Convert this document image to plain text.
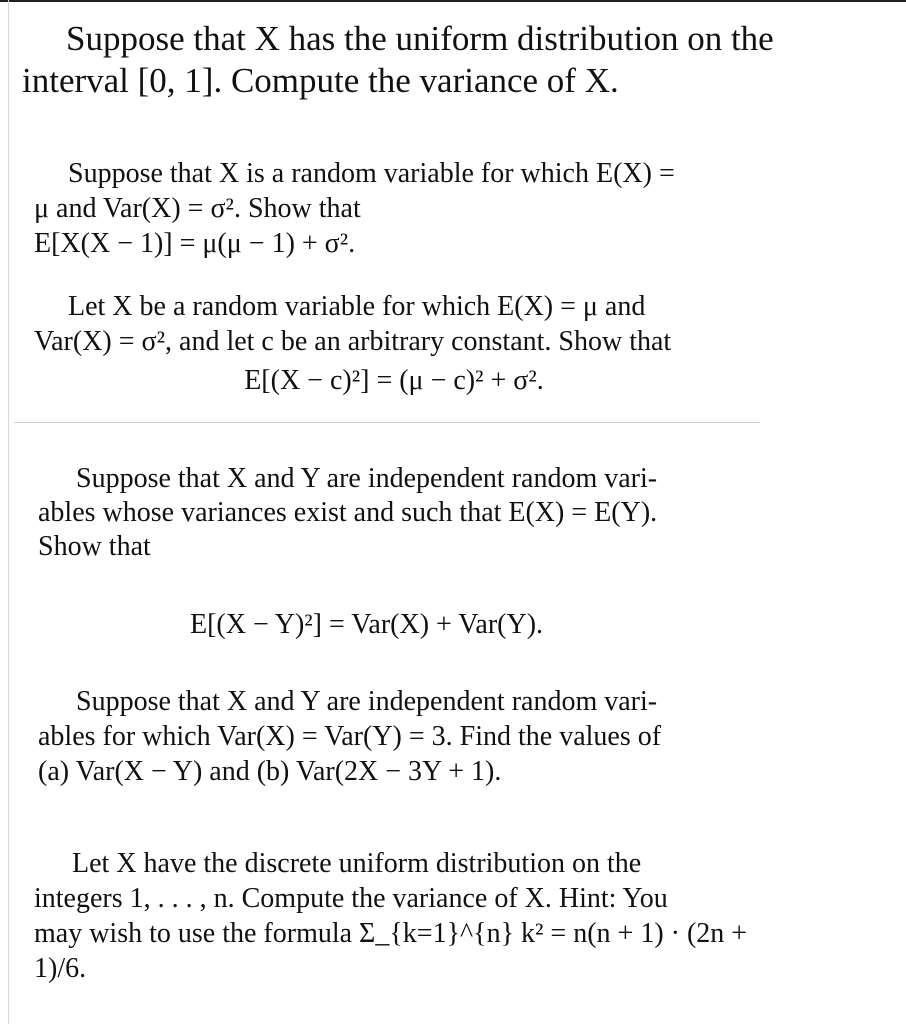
Suppose that X has the uniform distribution on the
interval [0, 1]. Compute the variance of X.
Suppose that X is a random variable for which E(X) =
μ and Var(X) = σ². Show that
E[X(X − 1)] = μ(μ − 1) + σ².
Let X be a random variable for which E(X) = μ and
Var(X) = σ², and let c be an arbitrary constant. Show that
E[(X − c)²] = (μ − c)² + σ².
Suppose that X and Y are independent random vari-
ables whose variances exist and such that E(X) = E(Y).
Show that
E[(X − Y)²] = Var(X) + Var(Y).
Suppose that X and Y are independent random vari-
ables for which Var(X) = Var(Y) = 3. Find the values of
(a) Var(X − Y) and (b) Var(2X − 3Y + 1).
Let X have the discrete uniform distribution on the
integers 1, . . . , n. Compute the variance of X. Hint: You
may wish to use the formula Σ_{k=1}^{n} k² = n(n + 1) · (2n +
1)/6.
